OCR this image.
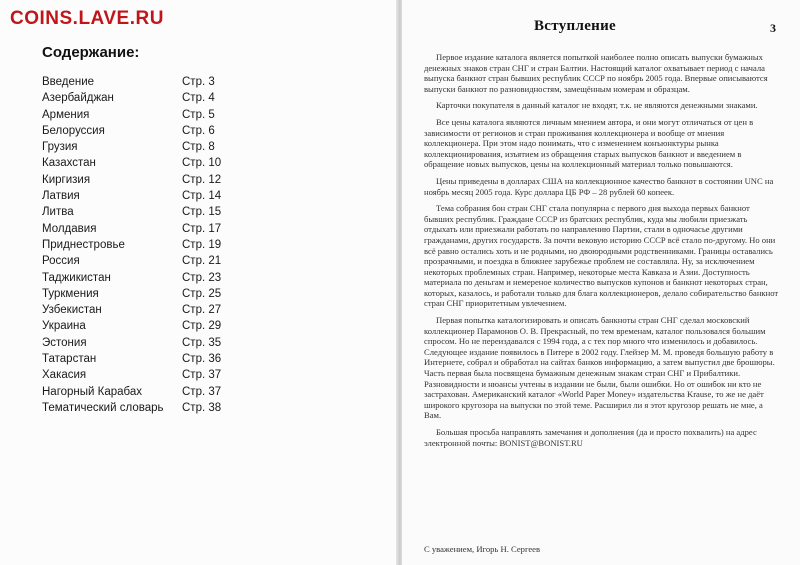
COINS.LAVE.RU
Содержание:
Введение	Стр. 3
Азербайджан	Стр. 4
Армения	Стр. 5
Белоруссия	Стр. 6
Грузия	Стр. 8
Казахстан	Стр. 10
Киргизия	Стр. 12
Латвия	Стр. 14
Литва	Стр. 15
Молдавия	Стр. 17
Приднестровье	Стр. 19
Россия	Стр. 21
Таджикистан	Стр. 23
Туркмения	Стр. 25
Узбекистан	Стр. 27
Украина	Стр. 29
Эстония	Стр. 35
Татарстан	Стр. 36
Хакасия	Стр. 37
Нагорный Карабах	Стр. 37
Тематический словарь Стр. 38
Вступление	3

Первое издание каталога является попыткой наиболее полно описать выпуски бумажных денежных знаков стран СНГ и стран Балтии. Настоящий каталог охватывает период с начала выпуска банкнот стран бывших республик СССР по ноябрь 2005 года. Впервые описываются выпуски банкнот по разновидностям, замещённым номерам и образцам.

Карточки покупателя в данный каталог не входят, т.к. не являются денежными знаками.

Все цены каталога являются личным мнением автора, и они могут отличаться от цен в зависимости от регионов и стран проживания коллекционера и вообще от мнения коллекционера. При этом надо понимать, что с изменением конъюнктуры рынка коллекционирования, изъятием из обращения старых выпусков банкнот и введением в обращение новых выпусков, цены на коллекционный материал только повышаются.

Цены приведены в долларах США на коллекционное качество банкнот в состоянии UNC на ноябрь месяц 2005 года. Курс доллара ЦБ РФ – 28 рублей 60 копеек.

Тема собрания бон стран СНГ стала популярна с первого дня выхода первых банкнот бывших республик. Граждане СССР из братских республик, куда мы любили приезжать отдыхать или приезжали работать по направлению Партии, стали в одночасье другими гражданами, других государств. За почти вековую историю СССР всё стало по-другому. Но они всё равно остались хоть и не родными, но двоюродными родственниками. Границы оставались прозрачными, и поездка в ближнее зарубежье проблем не составляла. Ну, за исключением некоторых проблемных стран. Например, некоторые места Кавказа и Азии. Доступность материала по деньгам и немереное количество выпусков купонов и банкнот некоторых стран, которых, казалось, и работали только для блага коллекционеров, делало собирательство банкнот стран СНГ приоритетным увлечением.

Первая попытка каталогизировать и описать банкноты стран СНГ сделал московский коллекционер Парамонов О. В. Прекрасный, по тем временам, каталог пользовался большим спросом. Но не переиздавался с 1994 года, а с тех пор много что изменилось и добавилось. Следующее издание появилось в Питере в 2002 году. Глейзер М. М. проведя большую работу в Интернете, собрал и обработал на сайтах банков информацию, а затем выпустил две брошюры. Часть первая была посвящена бумажным денежным знакам стран СНГ и Прибалтики. Разновидности и нюансы учтены в издании не были, были ошибки. Но от ошибок ни кто не застрахован. Американский каталог «World Paper Money» издательства Krause, то же не даёт широкого кругозора на выпуски по этой теме. Расширил ли я этот кругозор решать не мне, а Вам.

Большая просьба направлять замечания и дополнения (да и просто похвалить) на адрес электронной почты: BONIST@BONIST.RU

С уважением, Игорь Н. Сергеев
